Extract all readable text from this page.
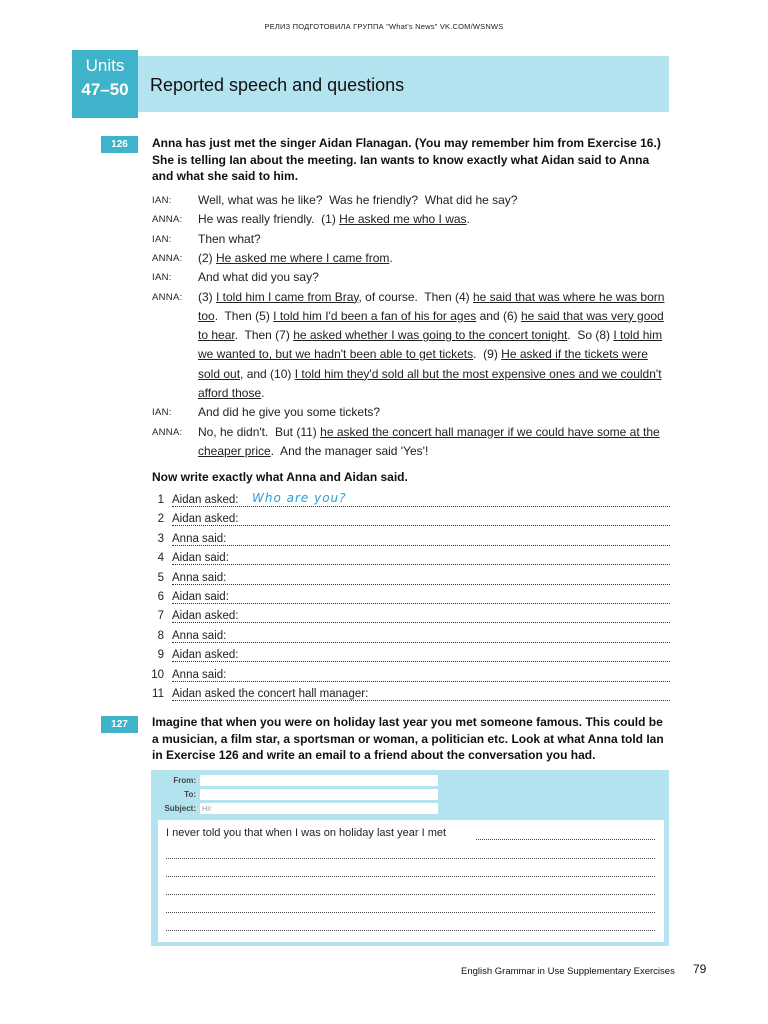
РЕЛИЗ ПОДГОТОВИЛА ГРУППА "What's News" VK.COM/WSNWS
Units
47–50	Reported speech and questions
126	Anna has just met the singer Aidan Flanagan. (You may remember him from Exercise 16.) She is telling Ian about the meeting. Ian wants to know exactly what Aidan said to Anna and what she said to him.
IAN:	Well, what was he like?  Was he friendly?  What did he say?
ANNA:	He was really friendly.  (1) He asked me who I was.
IAN:	Then what?
ANNA:	(2) He asked me where I came from.
IAN:	And what did you say?
ANNA:	(3) I told him I came from Bray, of course.  Then (4) he said that was where he was born
too.  Then (5) I told him I'd been a fan of his for ages and (6) he said that was very good
to hear.  Then (7) he asked whether I was going to the concert tonight.  So (8) I told him
we wanted to, but we hadn't been able to get tickets.  (9) He asked if the tickets were
sold out, and (10) I told him they'd sold all but the most expensive ones and we couldn't
afford those.
IAN:	And did he give you some tickets?
ANNA:	No, he didn't.  But (11) he asked the concert hall manager if we could have some at the
cheaper price.  And the manager said 'Yes'!
Now write exactly what Anna and Aidan said.
1 Aidan asked: Who are you?
2 Aidan asked:
3 Anna said:
4 Aidan said:
5 Anna said:
6 Aidan said:
7 Aidan asked:
8 Anna said:
9 Aidan asked:
10 Anna said:
11 Aidan asked the concert hall manager:
127	Imagine that when you were on holiday last year you met someone famous. This could be a musician, a film star, a sportsman or woman, a politician etc. Look at what Anna told Ian in Exercise 126 and write an email to a friend about the conversation you had.
From:
To:
Subject: Hi!
I never told you that when I was on holiday last year I met
English Grammar in Use Supplementary Exercises 79
